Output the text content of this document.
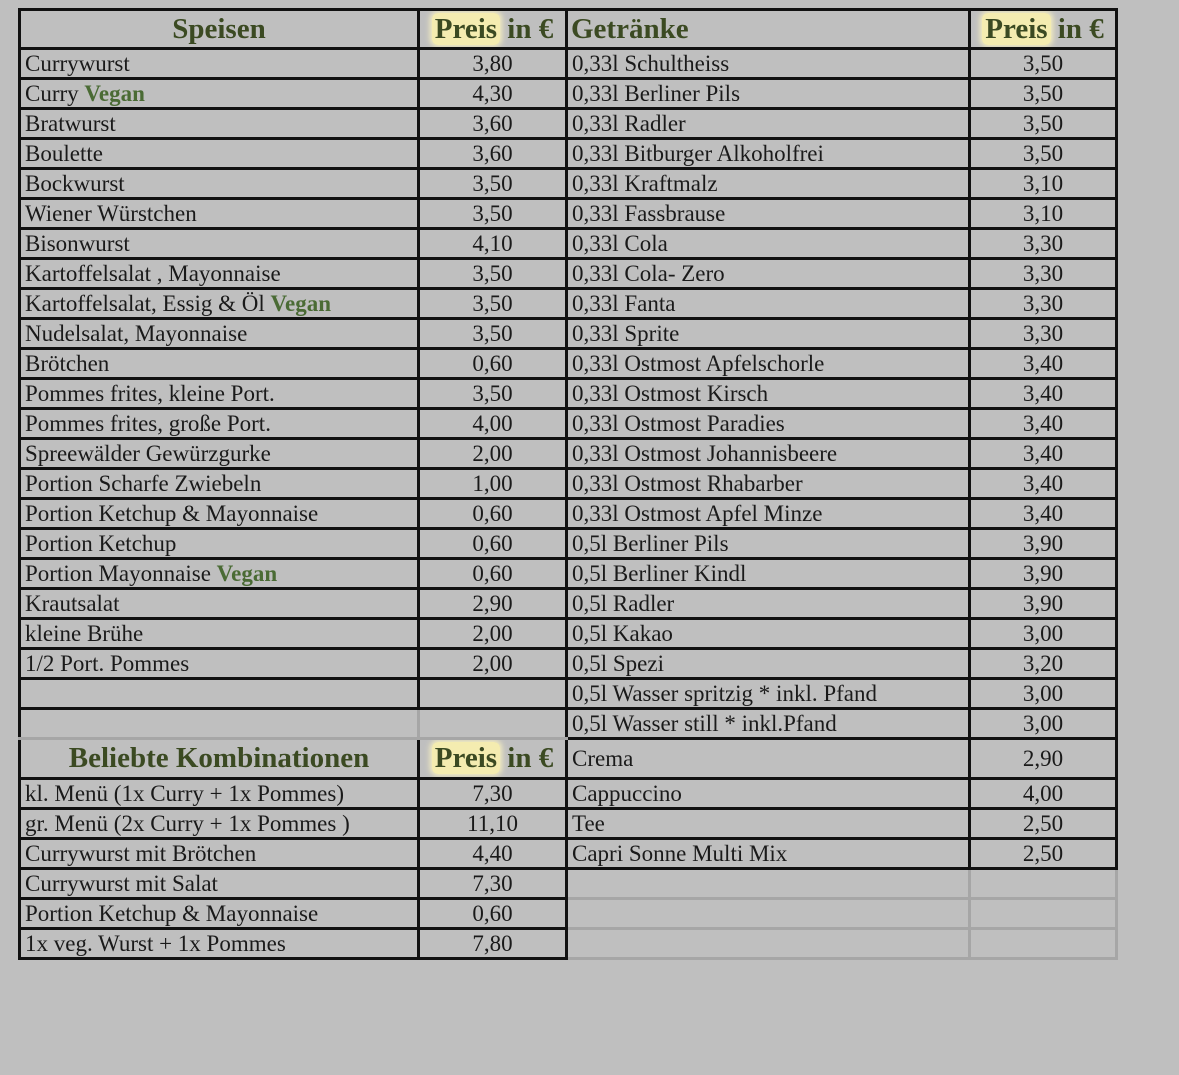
Speisen	Preis in €	Getränke	Preis in €
Currywurst	3,80	0,33l Schultheiss	3,50
Curry Vegan	4,30	0,33l Berliner Pils	3,50
Bratwurst	3,60	0,33l Radler	3,50
Boulette	3,60	0,33l Bitburger Alkoholfrei	3,50
Bockwurst	3,50	0,33l Kraftmalz	3,10
Wiener Würstchen	3,50	0,33l Fassbrause	3,10
Bisonwurst	4,10	0,33l Cola	3,30
Kartoffelsalat , Mayonnaise	3,50	0,33l Cola- Zero	3,30
Kartoffelsalat, Essig & Öl Vegan	3,50	0,33l Fanta	3,30
Nudelsalat, Mayonnaise	3,50	0,33l Sprite	3,30
Brötchen	0,60	0,33l Ostmost Apfelschorle	3,40
Pommes frites, kleine Port.	3,50	0,33l Ostmost Kirsch	3,40
Pommes frites, große Port.	4,00	0,33l Ostmost Paradies	3,40
Spreewälder Gewürzgurke	2,00	0,33l Ostmost Johannisbeere	3,40
Portion Scharfe Zwiebeln	1,00	0,33l Ostmost Rhabarber	3,40
Portion Ketchup & Mayonnaise	0,60	0,33l Ostmost Apfel Minze	3,40
Portion Ketchup	0,60	0,5l Berliner Pils	3,90
Portion Mayonnaise Vegan	0,60	0,5l Berliner Kindl	3,90
Krautsalat	2,90	0,5l Radler	3,90
kleine Brühe	2,00	0,5l Kakao	3,00
1/2 Port. Pommes	2,00	0,5l Spezi	3,20
		0,5l Wasser spritzig * inkl. Pfand	3,00
		0,5l Wasser still * inkl.Pfand	3,00
Beliebte Kombinationen	Preis in €	Crema	2,90
kl. Menü (1x Curry + 1x Pommes)	7,30	Cappuccino	4,00
gr. Menü (2x Curry + 1x Pommes )	11,10	Tee	2,50
Currywurst mit Brötchen	4,40	Capri Sonne Multi Mix	2,50
Currywurst mit Salat	7,30		
Portion Ketchup & Mayonnaise	0,60		
1x veg. Wurst + 1x Pommes	7,80		
